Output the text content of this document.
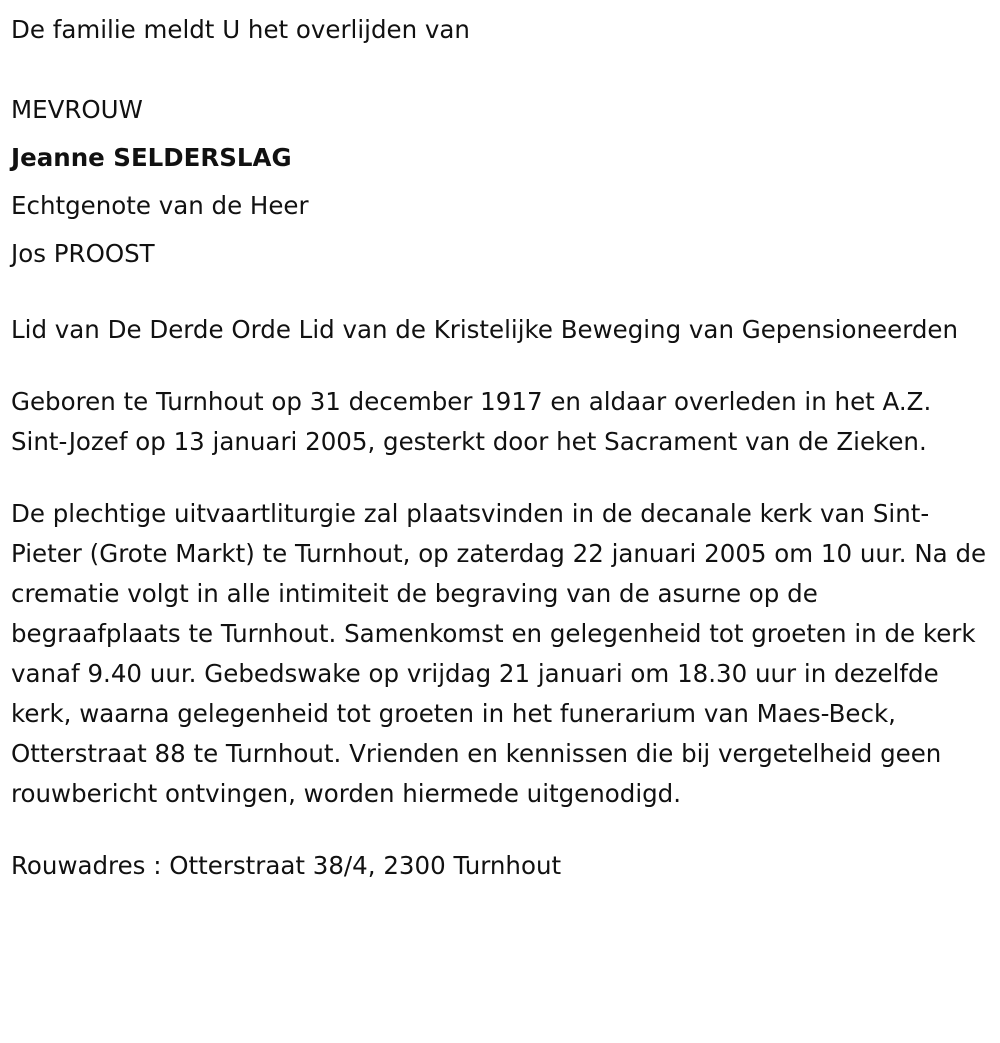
De familie meldt U het overlijden van

MEVROUW

Jeanne SELDERSLAG

Echtgenote van de Heer

Jos PROOST

Lid van De Derde Orde Lid van de Kristelijke Beweging van Gepensioneerden

Geboren te Turnhout op 31 december 1917 en aldaar overleden in het A.Z. Sint-Jozef op 13 januari 2005, gesterkt door het Sacrament van de Zieken.

De plechtige uitvaartliturgie zal plaatsvinden in de decanale kerk van Sint-Pieter (Grote Markt) te Turnhout, op zaterdag 22 januari 2005 om 10 uur. Na de crematie volgt in alle intimiteit de begraving van de asurne op de begraafplaats te Turnhout. Samenkomst en gelegenheid tot groeten in de kerk vanaf 9.40 uur. Gebedswake op vrijdag 21 januari om 18.30 uur in dezelfde kerk, waarna gelegenheid tot groeten in het funerarium van Maes-Beck, Otterstraat 88 te Turnhout. Vrienden en kennissen die bij vergetelheid geen rouwbericht ontvingen, worden hiermede uitgenodigd.

Rouwadres : Otterstraat 38/4, 2300 Turnhout
